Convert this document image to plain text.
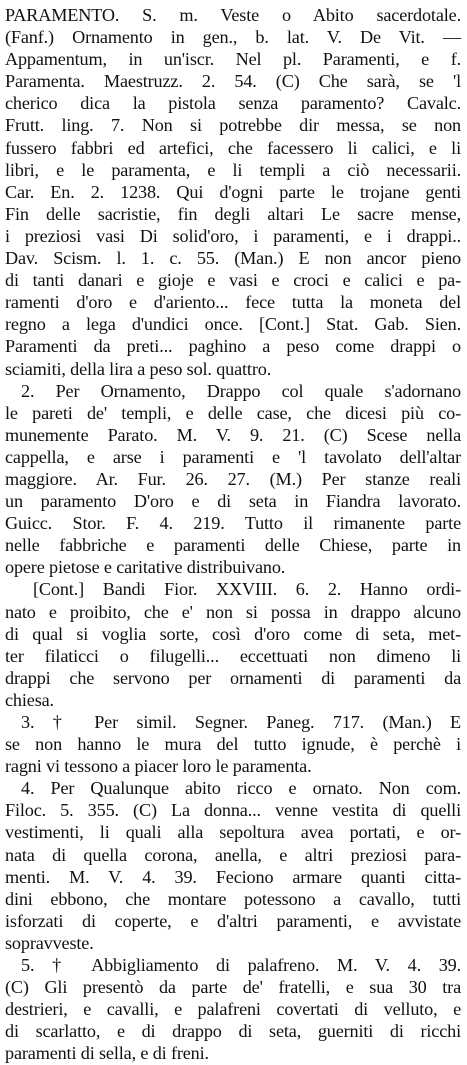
PARAMENTO. S. m. Veste o Abito sacerdotale.
(Fanf.) Ornamento in gen., b. lat. V. De Vit. —
Appamentum, in un'iscr. Nel pl. Paramenti, e f.
Paramenta. Maestruzz. 2. 54. (C) Che sarà, se 'l
cherico dica la pistola senza paramento? Cavalc.
Frutt. ling. 7. Non si potrebbe dir messa, se non
fussero fabbri ed artefici, che facessero li calici, e li
libri, e le paramenta, e li templi a ciò necessarii.
Car. En. 2. 1238. Qui d'ogni parte le trojane genti
Fin delle sacristie, fin degli altari Le sacre mense,
i preziosi vasi Di solid'oro, i paramenti, e i drappi..
Dav. Scism. l. 1. c. 55. (Man.) E non ancor pieno
di tanti danari e gioje e vasi e croci e calici e pa-
ramenti d'oro e d'ariento... fece tutta la moneta del
regno a lega d'undici once. [Cont.] Stat. Gab. Sien.
Paramenti da preti... paghino a peso come drappi o
sciamiti, della lira a peso sol. quattro.
2. Per Ornamento, Drappo col quale s'adornano
le pareti de' templi, e delle case, che dicesi più co-
munemente Parato. M. V. 9. 21. (C) Scese nella
cappella, e arse i paramenti e 'l tavolato dell'altar
maggiore. Ar. Fur. 26. 27. (M.) Per stanze reali
un paramento D'oro e di seta in Fiandra lavorato.
Guicc. Stor. F. 4. 219. Tutto il rimanente parte
nelle fabbriche e paramenti delle Chiese, parte in
opere pietose e caritative distribuivano.
[Cont.] Bandi Fior. XXVIII. 6. 2. Hanno ordi-
nato e proibito, che e' non si possa in drappo alcuno
di qual si voglia sorte, così d'oro come di seta, met-
ter filaticci o filugelli... eccettuati non dimeno li
drappi che servono per ornamenti di paramenti da
chiesa.
3. † Per simil. Segner. Paneg. 717. (Man.) E
se non hanno le mura del tutto ignude, è perchè i
ragni vi tessono a piacer loro le paramenta.
4. Per Qualunque abito ricco e ornato. Non com.
Filoc. 5. 355. (C) La donna... venne vestita di quelli
vestimenti, li quali alla sepoltura avea portati, e or-
nata di quella corona, anella, e altri preziosi para-
menti. M. V. 4. 39. Feciono armare quanti citta-
dini ebbono, che montare potessono a cavallo, tutti
isforzati di coperte, e d'altri paramenti, e avvistate
sopravveste.
5. † Abbigliamento di palafreno. M. V. 4. 39.
(C) Gli presentò da parte de' fratelli, e sua 30 tra
destrieri, e cavalli, e palafreni covertati di velluto, e
di scarlatto, e di drappo di seta, guerniti di ricchi
paramenti di sella, e di freni.
